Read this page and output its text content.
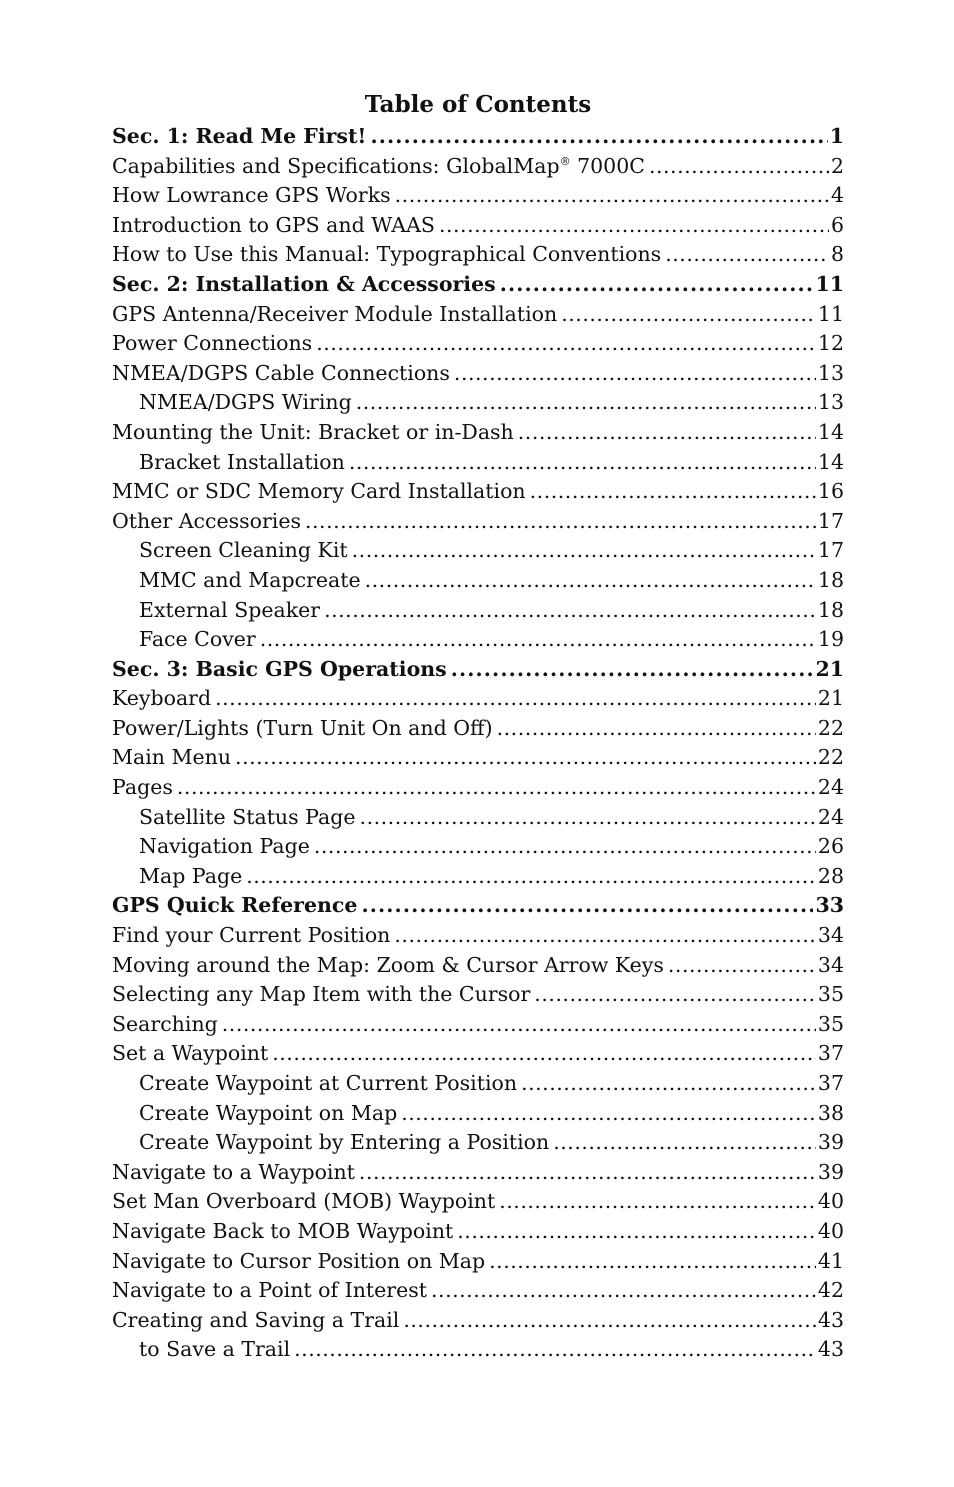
Table of Contents
Sec. 1: Read Me First! . . .	1
Capabilities and Specifications: GlobalMap® 7000C . . .	2
How Lowrance GPS Works . . .	4
Introduction to GPS and WAAS . . .	6
How to Use this Manual: Typographical Conventions . . .	8
Sec. 2: Installation & Accessories . . .	11
GPS Antenna/Receiver Module Installation . . .	11
Power Connections . . .	12
NMEA/DGPS Cable Connections . . .	13
NMEA/DGPS Wiring . . .	13
Mounting the Unit: Bracket or in-Dash . . .	14
Bracket Installation . . .	14
MMC or SDC Memory Card Installation . . .	16
Other Accessories . . .	17
Screen Cleaning Kit . . .	17
MMC and Mapcreate . . .	18
External Speaker . . .	18
Face Cover . . .	19
Sec. 3: Basic GPS Operations . . .	21
Keyboard . . .	21
Power/Lights (Turn Unit On and Off) . . .	22
Main Menu . . .	22
Pages . . .	24
Satellite Status Page . . .	24
Navigation Page . . .	26
Map Page . . .	28
GPS Quick Reference . . .	33
Find your Current Position . . .	34
Moving around the Map: Zoom & Cursor Arrow Keys . . .	34
Selecting any Map Item with the Cursor . . .	35
Searching . . .	35
Set a Waypoint . . .	37
Create Waypoint at Current Position . . .	37
Create Waypoint on Map . . .	38
Create Waypoint by Entering a Position . . .	39
Navigate to a Waypoint . . .	39
Set Man Overboard (MOB) Waypoint . . .	40
Navigate Back to MOB Waypoint . . .	40
Navigate to Cursor Position on Map . . .	41
Navigate to a Point of Interest . . .	42
Creating and Saving a Trail . . .	43
to Save a Trail . . .	43
